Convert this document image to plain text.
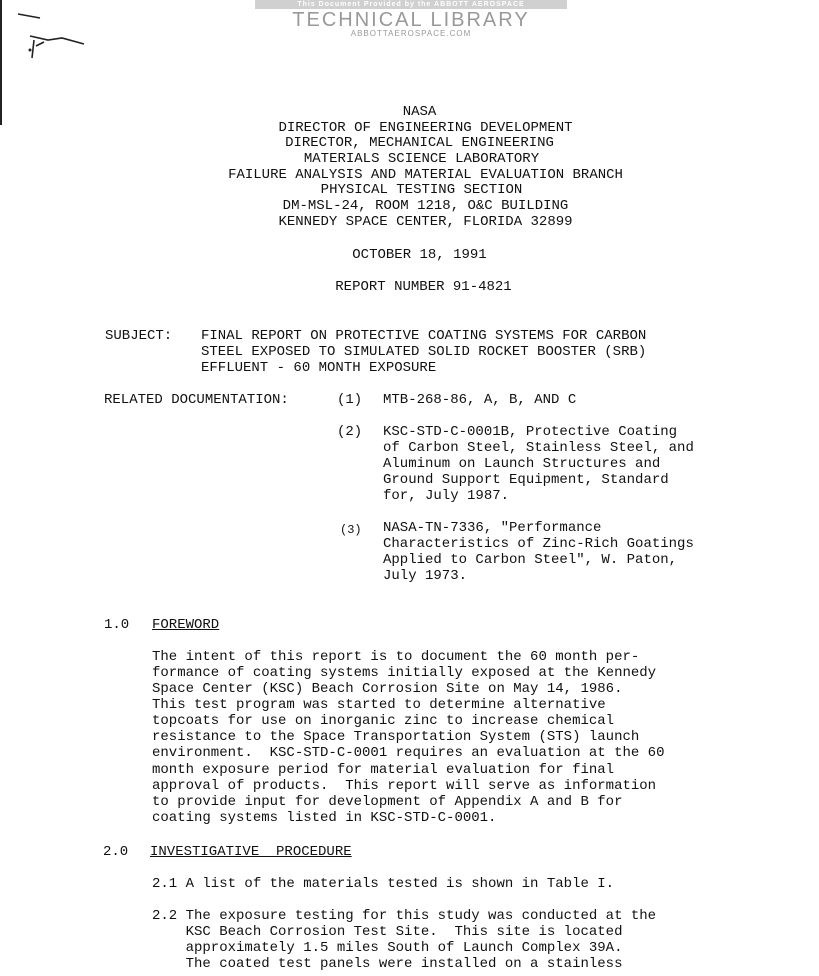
This Document Provided by the ABBOTT AEROSPACE
TECHNICAL LIBRARY
ABBOTTAEROSPACE.COM
NASA
DIRECTOR OF ENGINEERING DEVELOPMENT
DIRECTOR, MECHANICAL ENGINEERING
MATERIALS SCIENCE LABORATORY
FAILURE ANALYSIS AND MATERIAL EVALUATION BRANCH
PHYSICAL TESTING SECTION
DM-MSL-24, ROOM 1218, O&C BUILDING
KENNEDY SPACE CENTER, FLORIDA 32899
OCTOBER 18, 1991
REPORT NUMBER 91-4821
SUBJECT: FINAL REPORT ON PROTECTIVE COATING SYSTEMS FOR CARBON
STEEL EXPOSED TO SIMULATED SOLID ROCKET BOOSTER (SRB)
EFFLUENT - 60 MONTH EXPOSURE
RELATED DOCUMENTATION:	(1) MTB-268-86, A, B, AND C
(2) KSC-STD-C-0001B, Protective Coating
of Carbon Steel, Stainless Steel, and
Aluminum on Launch Structures and
Ground Support Equipment, Standard
for, July 1987.
(3) NASA-TN-7336, "Performance
Characteristics of Zinc-Rich Goatings
Applied to Carbon Steel", W. Paton,
July 1973.
1.0 FOREWORD
The intent of this report is to document the 60 month per-
formance of coating systems initially exposed at the Kennedy
Space Center (KSC) Beach Corrosion Site on May 14, 1986.
This test program was started to determine alternative
topcoats for use on inorganic zinc to increase chemical
resistance to the Space Transportation System (STS) launch
environment.  KSC-STD-C-0001 requires an evaluation at the 60
month exposure period for material evaluation for final
approval of products.  This report will serve as information
to provide input for development of Appendix A and B for
coating systems listed in KSC-STD-C-0001.
2.0 INVESTIGATIVE  PROCEDURE
2.1 A list of the materials tested is shown in Table I.
2.2 The exposure testing for this study was conducted at the
KSC Beach Corrosion Test Site.  This site is located
approximately 1.5 miles South of Launch Complex 39A.
The coated test panels were installed on a stainless
